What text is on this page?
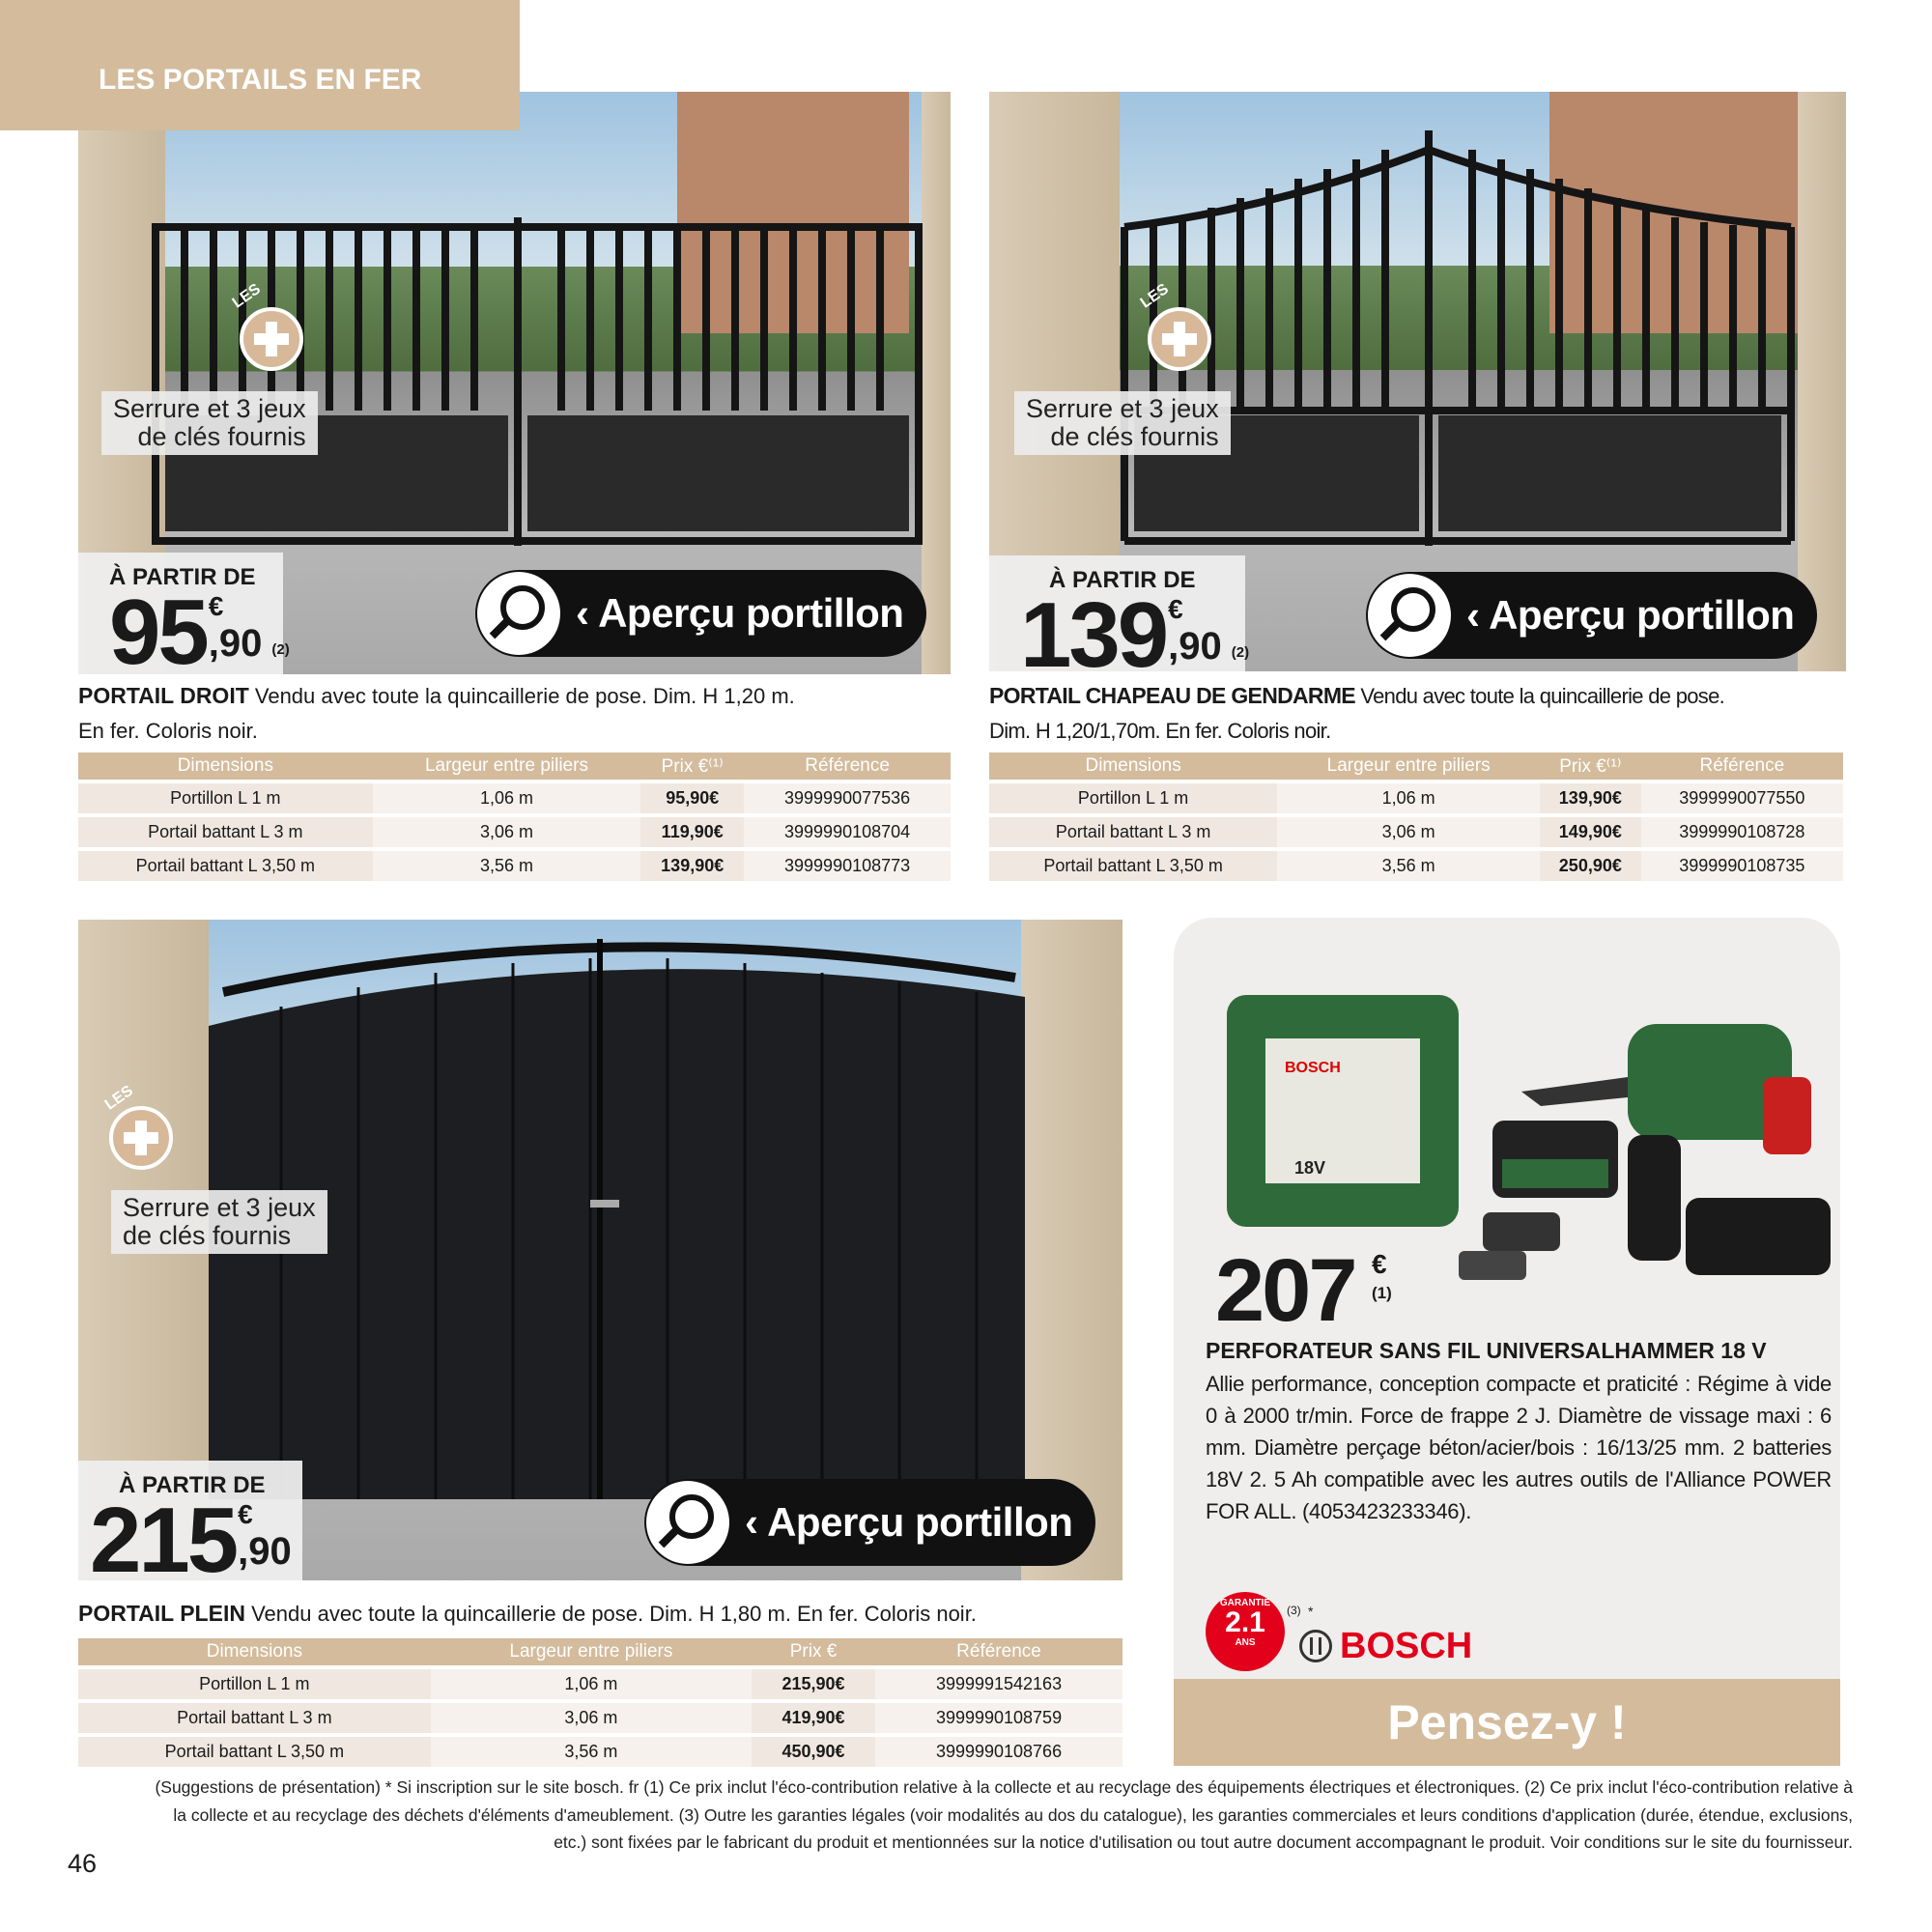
LES PORTAILS EN FER
LES
Serrure et 3 jeux
de clés fournis
À PARTIR DE
95€
,90 $^{(2)}$
‹ Aperçu portillon
PORTAIL DROIT Vendu avec toute la quincaillerie de pose. Dim. H 1,20 m.
En fer. Coloris noir.
Dimensions	Largeur entre piliers	Prix €⁽¹⁾	Référence
Portillon L 1 m	1,06 m	95,90€	3999990077536
Portail battant L 3 m	3,06 m	119,90€	3999990108704
Portail battant L 3,50 m	3,56 m	139,90€	3999990108773
LES
Serrure et 3 jeux
de clés fournis
À PARTIR DE
139€
,90 $^{(2)}$
‹ Aperçu portillon
PORTAIL CHAPEAU DE GENDARME Vendu avec toute la quincaillerie de pose.
Dim. H 1,20/1,70m. En fer. Coloris noir.
Dimensions	Largeur entre piliers	Prix €⁽¹⁾	Référence
Portillon L 1 m	1,06 m	139,90€	3999990077550
Portail battant L 3 m	3,06 m	149,90€	3999990108728
Portail battant L 3,50 m	3,56 m	250,90€	3999990108735
LES
Serrure et 3 jeux
de clés fournis
À PARTIR DE
215€
,90
‹ Aperçu portillon
PORTAIL PLEIN Vendu avec toute la quincaillerie de pose. Dim. H 1,80 m. En fer. Coloris noir.
Dimensions	Largeur entre piliers	Prix €	Référence
Portillon L 1 m	1,06 m	215,90€	3999991542163
Portail battant L 3 m	3,06 m	419,90€	3999990108759
Portail battant L 3,50 m	3,56 m	450,90€	3999990108766
BOSCH
18V
207 €
(1)
PERFORATEUR SANS FIL UNIVERSALHAMMER 18 V
Allie performance, conception compacte et praticité : Régime à vide 0 à 2000 tr/min. Force de frappe 2 J. Diamètre de vissage maxi : 6 mm. Diamètre perçage béton/acier/bois : 16/13/25 mm. 2 batteries 18V 2. 5 Ah compatible avec les autres outils de l'Alliance POWER FOR ALL. (4053423233346).
GARANTIE
2.1
ANS
(3) *
BOSCH
Pensez-y !
(Suggestions de présentation) * Si inscription sur le site bosch. fr (1) Ce prix inclut l'éco-contribution relative à la collecte et au recyclage des équipements électriques et électroniques. (2) Ce prix inclut l'éco-contribution relative à la collecte et au recyclage des déchets d'éléments d'ameublement. (3) Outre les garanties légales (voir modalités au dos du catalogue), les garanties commerciales et leurs conditions d'application (durée, étendue, exclusions, etc.) sont fixées par le fabricant du produit et mentionnées sur la notice d'utilisation ou tout autre document accompagnant le produit. Voir conditions sur le site du fournisseur.
46
